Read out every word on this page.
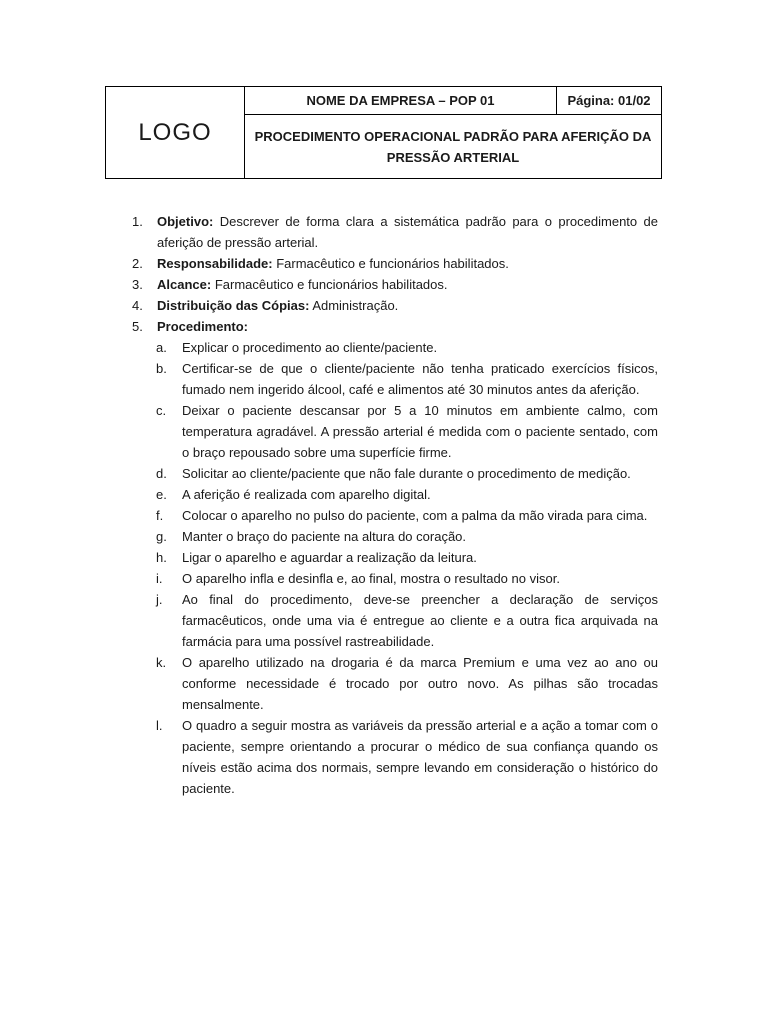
LOGO
NOME DA EMPRESA – POP 01	Página: 01/02
PROCEDIMENTO OPERACIONAL PADRÃO PARA AFERIÇÃO DA PRESSÃO ARTERIAL
1. Objetivo: Descrever de forma clara a sistemática padrão para o procedimento de aferição de pressão arterial.
2. Responsabilidade: Farmacêutico e funcionários habilitados.
3. Alcance: Farmacêutico e funcionários habilitados.
4. Distribuição das Cópias: Administração.
5. Procedimento:
a. Explicar o procedimento ao cliente/paciente.
b. Certificar-se de que o cliente/paciente não tenha praticado exercícios físicos, fumado nem ingerido álcool, café e alimentos até 30 minutos antes da aferição.
c. Deixar o paciente descansar por 5 a 10 minutos em ambiente calmo, com temperatura agradável. A pressão arterial é medida com o paciente sentado, com o braço repousado sobre uma superfície firme.
d. Solicitar ao cliente/paciente que não fale durante o procedimento de medição.
e. A aferição é realizada com aparelho digital.
f. Colocar o aparelho no pulso do paciente, com a palma da mão virada para cima.
g. Manter o braço do paciente na altura do coração.
h. Ligar o aparelho e aguardar a realização da leitura.
i. O aparelho infla e desinfla e, ao final, mostra o resultado no visor.
j. Ao final do procedimento, deve-se preencher a declaração de serviços farmacêuticos, onde uma via é entregue ao cliente e a outra fica arquivada na farmácia para uma possível rastreabilidade.
k. O aparelho utilizado na drogaria é da marca Premium e uma vez ao ano ou conforme necessidade é trocado por outro novo. As pilhas são trocadas mensalmente.
l. O quadro a seguir mostra as variáveis da pressão arterial e a ação a tomar com o paciente, sempre orientando a procurar o médico de sua confiança quando os níveis estão acima dos normais, sempre levando em consideração o histórico do paciente.
